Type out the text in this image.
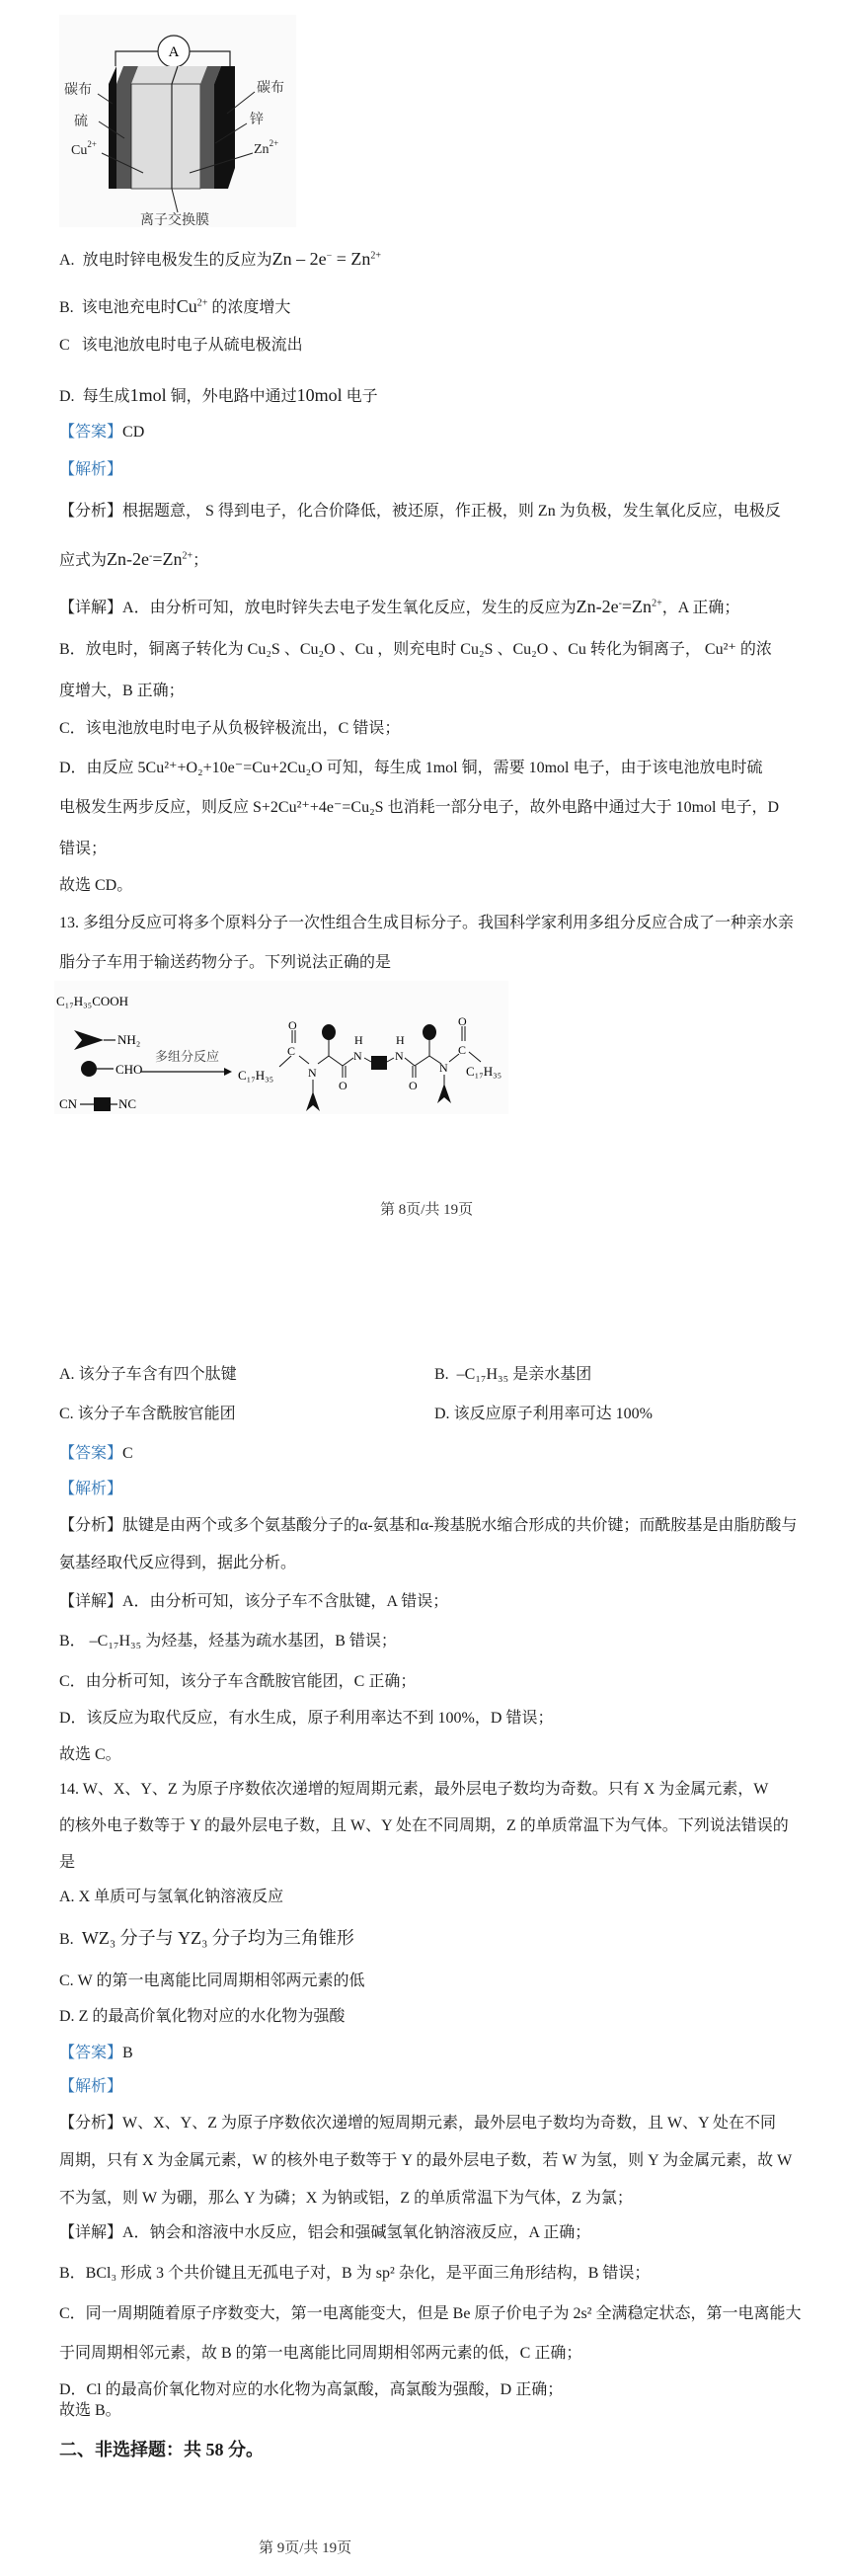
A
碳布
硫
$Cu^{2+}$
碳布
锌
$Zn^{2+}$
离子交换膜
A. 放电时锌电极发生的反应为$Zn - 2e^- = Zn^{2+}$
B. 该电池充电时$Cu^{2+}$ 的浓度增大
C 该电池放电时电子从硫电极流出
D. 每生成1mol 铜，外电路中通过10mol 电子
【答案】CD
【解析】
【分析】根据题意， S 得到电子，化合价降低，被还原，作正极，则 Zn 为负极，发生氧化反应，电极反
应式为$Zn-2e^-=Zn^{2+}$；
【详解】A．由分析可知，放电时锌失去电子发生氧化反应，发生的反应为$Zn-2e^-=Zn^{2+}$，A 正确；
B．放电时，铜离子转化为 Cu₂S 、Cu₂O 、Cu ，则充电时 Cu₂S 、Cu₂O 、Cu 转化为铜离子， Cu²⁺ 的浓
度增大，B 正确；
C．该电池放电时电子从负极锌极流出，C 错误；
D．由反应 5Cu²⁺+O₂+10e⁻=Cu+2Cu₂O 可知，每生成 1mol 铜，需要 10mol 电子，由于该电池放电时硫
电极发生两步反应，则反应 S+2Cu²⁺+4e⁻=Cu₂S 也消耗一部分电子，故外电路中通过大于 10mol 电子，D
错误；
故选 CD。
13. 多组分反应可将多个原料分子一次性组合生成目标分子。我国科学家利用多组分反应合成了一种亲水亲
脂分子车用于输送药物分子。下列说法正确的是
C₁₇H₃₅COOH
NH₂
CHO
CN	NC
多组分反应
C₁₇H₃₅
C
O
N
O
N
H
N
H
O
N
C
O
C₁₇H₃₅
第 8页/共 19页
A. 该分子车含有四个肽键	B. –C₁₇H₃₅ 是亲水基团
C. 该分子车含酰胺官能团	D. 该反应原子利用率可达 100%
【答案】C
【解析】
【分析】肽键是由两个或多个氨基酸分子的α-氨基和α-羧基脱水缩合形成的共价键；而酰胺基是由脂肪酸与
氨基经取代反应得到，据此分析。
【详解】A．由分析可知，该分子车不含肽键，A 错误；
B． –C₁₇H₃₅ 为烃基，烃基为疏水基团，B 错误；
C．由分析可知，该分子车含酰胺官能团，C 正确；
D．该反应为取代反应，有水生成，原子利用率达不到 100%，D 错误；
故选 C。
14. W、X、Y、Z 为原子序数依次递增的短周期元素，最外层电子数均为奇数。只有 X 为金属元素，W
的核外电子数等于 Y 的最外层电子数，且 W、Y 处在不同周期，Z 的单质常温下为气体。下列说法错误的
是
A. X 单质可与氢氧化钠溶液反应
B.  WZ₃ 分子与 YZ₃ 分子均为三角锥形
C. W 的第一电离能比同周期相邻两元素的低
D. Z 的最高价氧化物对应的水化物为强酸
【答案】B
【解析】
【分析】W、X、Y、Z 为原子序数依次递增的短周期元素，最外层电子数均为奇数，且 W、Y 处在不同
周期，只有 X 为金属元素，W 的核外电子数等于 Y 的最外层电子数，若 W 为氢，则 Y 为金属元素，故 W
不为氢，则 W 为硼，那么 Y 为磷；X 为钠或铝，Z 的单质常温下为气体，Z 为氯；
【详解】A．钠会和溶液中水反应，铝会和强碱氢氧化钠溶液反应，A 正确；
B．BCl₃ 形成 3 个共价键且无孤电子对，B 为 sp² 杂化，是平面三角形结构，B 错误；
C．同一周期随着原子序数变大，第一电离能变大，但是 Be 原子价电子为 2s² 全满稳定状态，第一电离能大
于同周期相邻元素，故 B 的第一电离能比同周期相邻两元素的低，C 正确；
D．Cl 的最高价氧化物对应的水化物为高氯酸，高氯酸为强酸，D 正确；
故选 B。
二、非选择题：共 58 分。
第 9页/共 19页
